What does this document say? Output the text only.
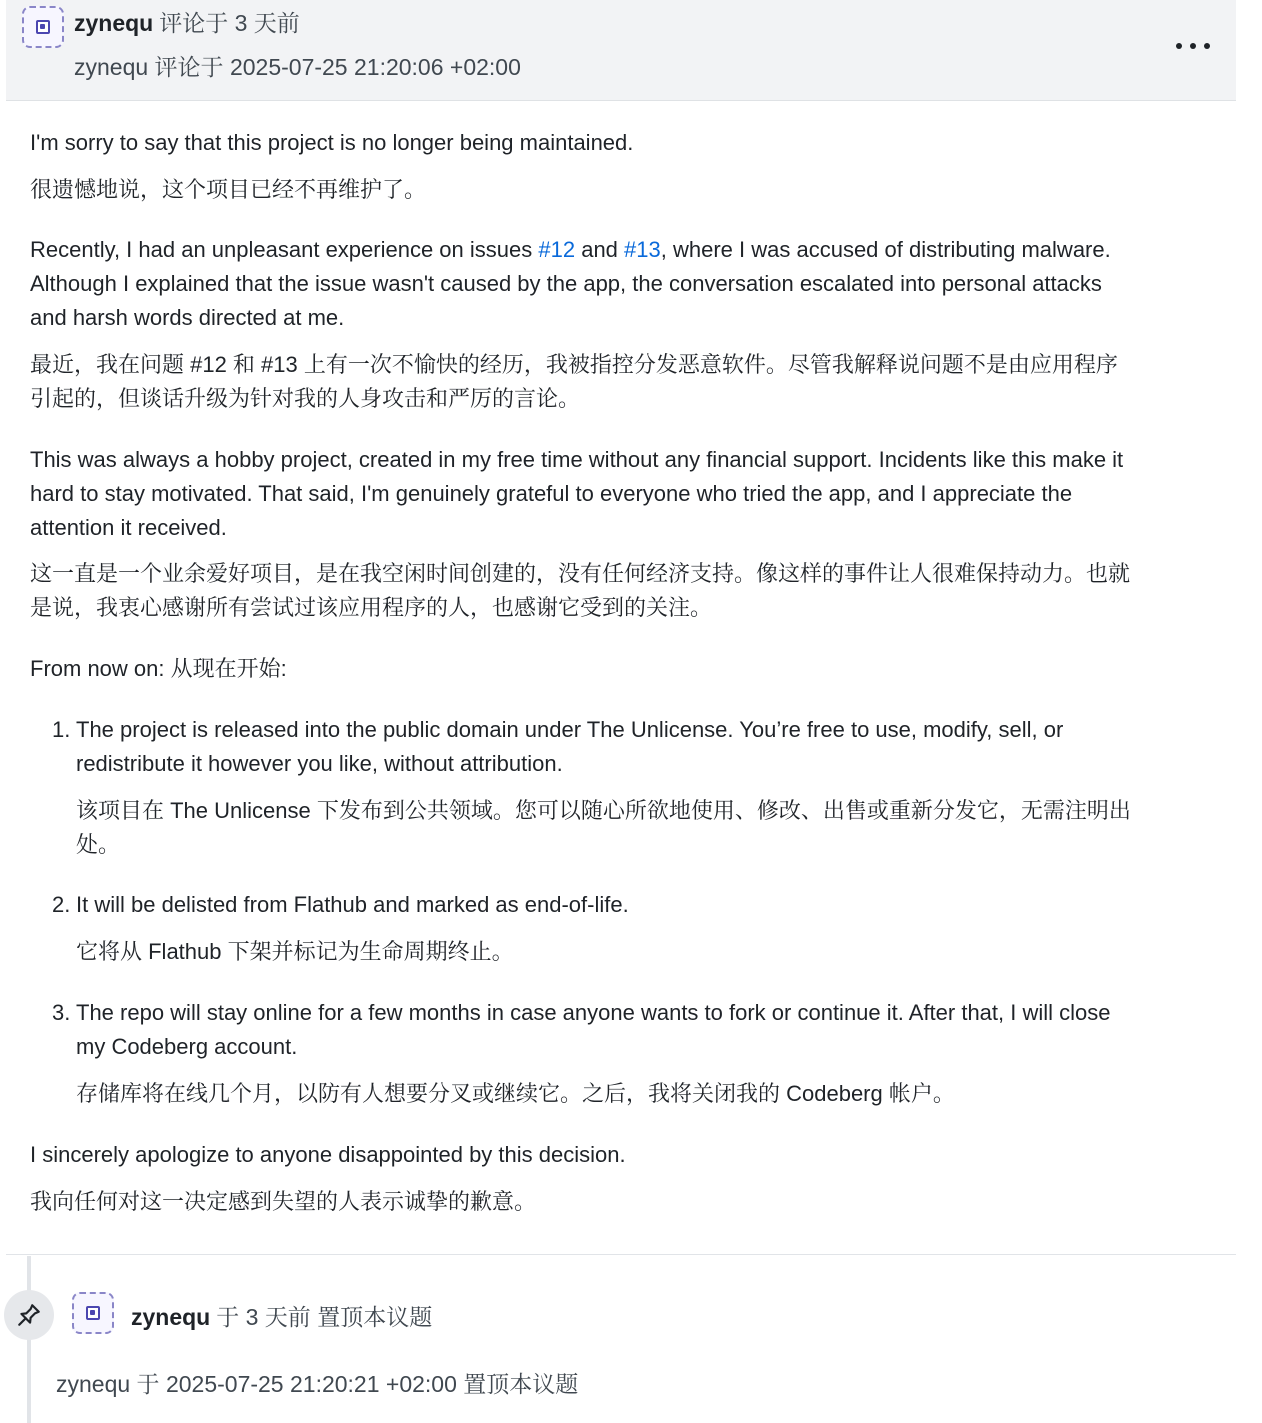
zynequ 评论于 3 天前
zynequ 评论于 2025-07-25 21:20:06 +02:00
I'm sorry to say that this project is no longer being maintained.
很遗憾地说，这个项目已经不再维护了。
Recently, I had an unpleasant experience on issues #12 and #13, where I was accused of distributing malware.
Although I explained that the issue wasn't caused by the app, the conversation escalated into personal attacks
and harsh words directed at me.
最近，我在问题 #12 和 #13 上有一次不愉快的经历，我被指控分发恶意软件。尽管我解释说问题不是由应用程序
引起的，但谈话升级为针对我的人身攻击和严厉的言论。
This was always a hobby project, created in my free time without any financial support. Incidents like this make it
hard to stay motivated. That said, I'm genuinely grateful to everyone who tried the app, and I appreciate the
attention it received.
这一直是一个业余爱好项目，是在我空闲时间创建的，没有任何经济支持。像这样的事件让人很难保持动力。也就
是说，我衷心感谢所有尝试过该应用程序的人，也感谢它受到的关注。
From now on: 从现在开始:
1. The project is released into the public domain under The Unlicense. You’re free to use, modify, sell, or
redistribute it however you like, without attribution.
该项目在 The Unlicense 下发布到公共领域。您可以随心所欲地使用、修改、出售或重新分发它，无需注明出
处。
2. It will be delisted from Flathub and marked as end-of-life.
它将从 Flathub 下架并标记为生命周期终止。
3. The repo will stay online for a few months in case anyone wants to fork or continue it. After that, I will close
my Codeberg account.
存储库将在线几个月，以防有人想要分叉或继续它。之后，我将关闭我的 Codeberg 帐户。
I sincerely apologize to anyone disappointed by this decision.
我向任何对这一决定感到失望的人表示诚挚的歉意。
zynequ 于 3 天前 置顶本议题
zynequ 于 2025-07-25 21:20:21 +02:00 置顶本议题
